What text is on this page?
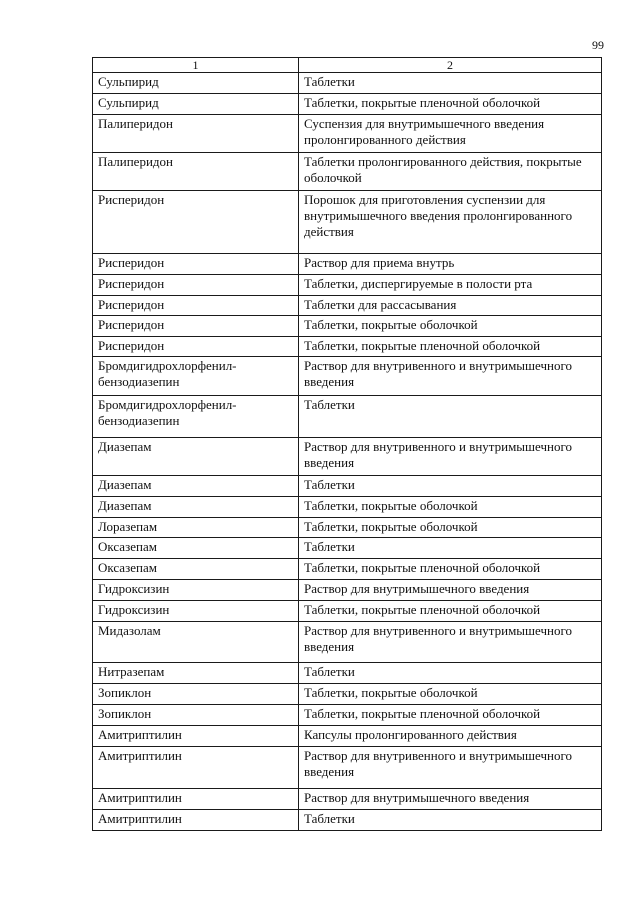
99
1	2
Сульпирид	Таблетки
Сульпирид	Таблетки, покрытые пленочной оболочкой
Палиперидон	Суспензия для внутримышечного введения пролонгированного действия
Палиперидон	Таблетки пролонгированного действия, покрытые оболочкой
Рисперидон	Порошок для приготовления суспензии для внутримышечного введения пролонгированного действия
Рисперидон	Раствор для приема внутрь
Рисперидон	Таблетки, диспергируемые в полости рта
Рисперидон	Таблетки для рассасывания
Рисперидон	Таблетки, покрытые оболочкой
Рисперидон	Таблетки, покрытые пленочной оболочкой
Бромдигидрохлорфенил-бензодиазепин	Раствор для внутривенного и внутримышечного введения
Бромдигидрохлорфенил-бензодиазепин	Таблетки
Диазепам	Раствор для внутривенного и внутримышечного введения
Диазепам	Таблетки
Диазепам	Таблетки, покрытые оболочкой
Лоразепам	Таблетки, покрытые оболочкой
Оксазепам	Таблетки
Оксазепам	Таблетки, покрытые пленочной оболочкой
Гидроксизин	Раствор для внутримышечного введения
Гидроксизин	Таблетки, покрытые пленочной оболочкой
Мидазолам	Раствор для внутривенного и внутримышечного введения
Нитразепам	Таблетки
Зопиклон	Таблетки, покрытые оболочкой
Зопиклон	Таблетки, покрытые пленочной оболочкой
Амитриптилин	Капсулы пролонгированного действия
Амитриптилин	Раствор для внутривенного и внутримышечного введения
Амитриптилин	Раствор для внутримышечного введения
Амитриптилин	Таблетки
